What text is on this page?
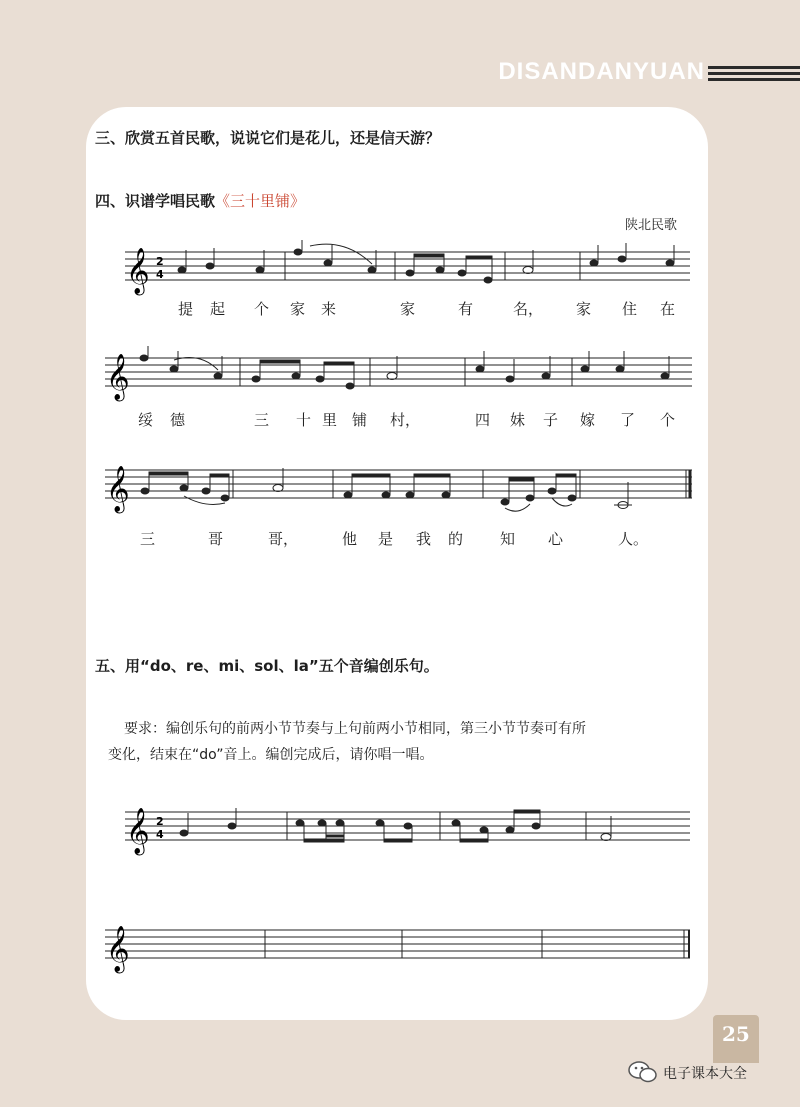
DISANDANYUAN
三、欣赏五首民歌，说说它们是花儿，还是信天游？
四、识谱学唱民歌《三十里铺》
陕北民歌
𝄞 2
4
提 起 个 家 来	家	有	名， 家 住 在
𝄞
绥 德	三 十 里 铺 村，	四 妹 子 嫁 了 个
𝄞
三	哥	哥，	他 是 我 的 知 心	人。
五、用“do、re、mi、sol、la”五个音编创乐句。
要求：编创乐句的前两小节节奏与上句前两小节相同，第三小节节奏可有所
变化，结束在“do”音上。编创完成后，请你唱一唱。
𝄞 2
4
𝄞
25
电子课本大全
